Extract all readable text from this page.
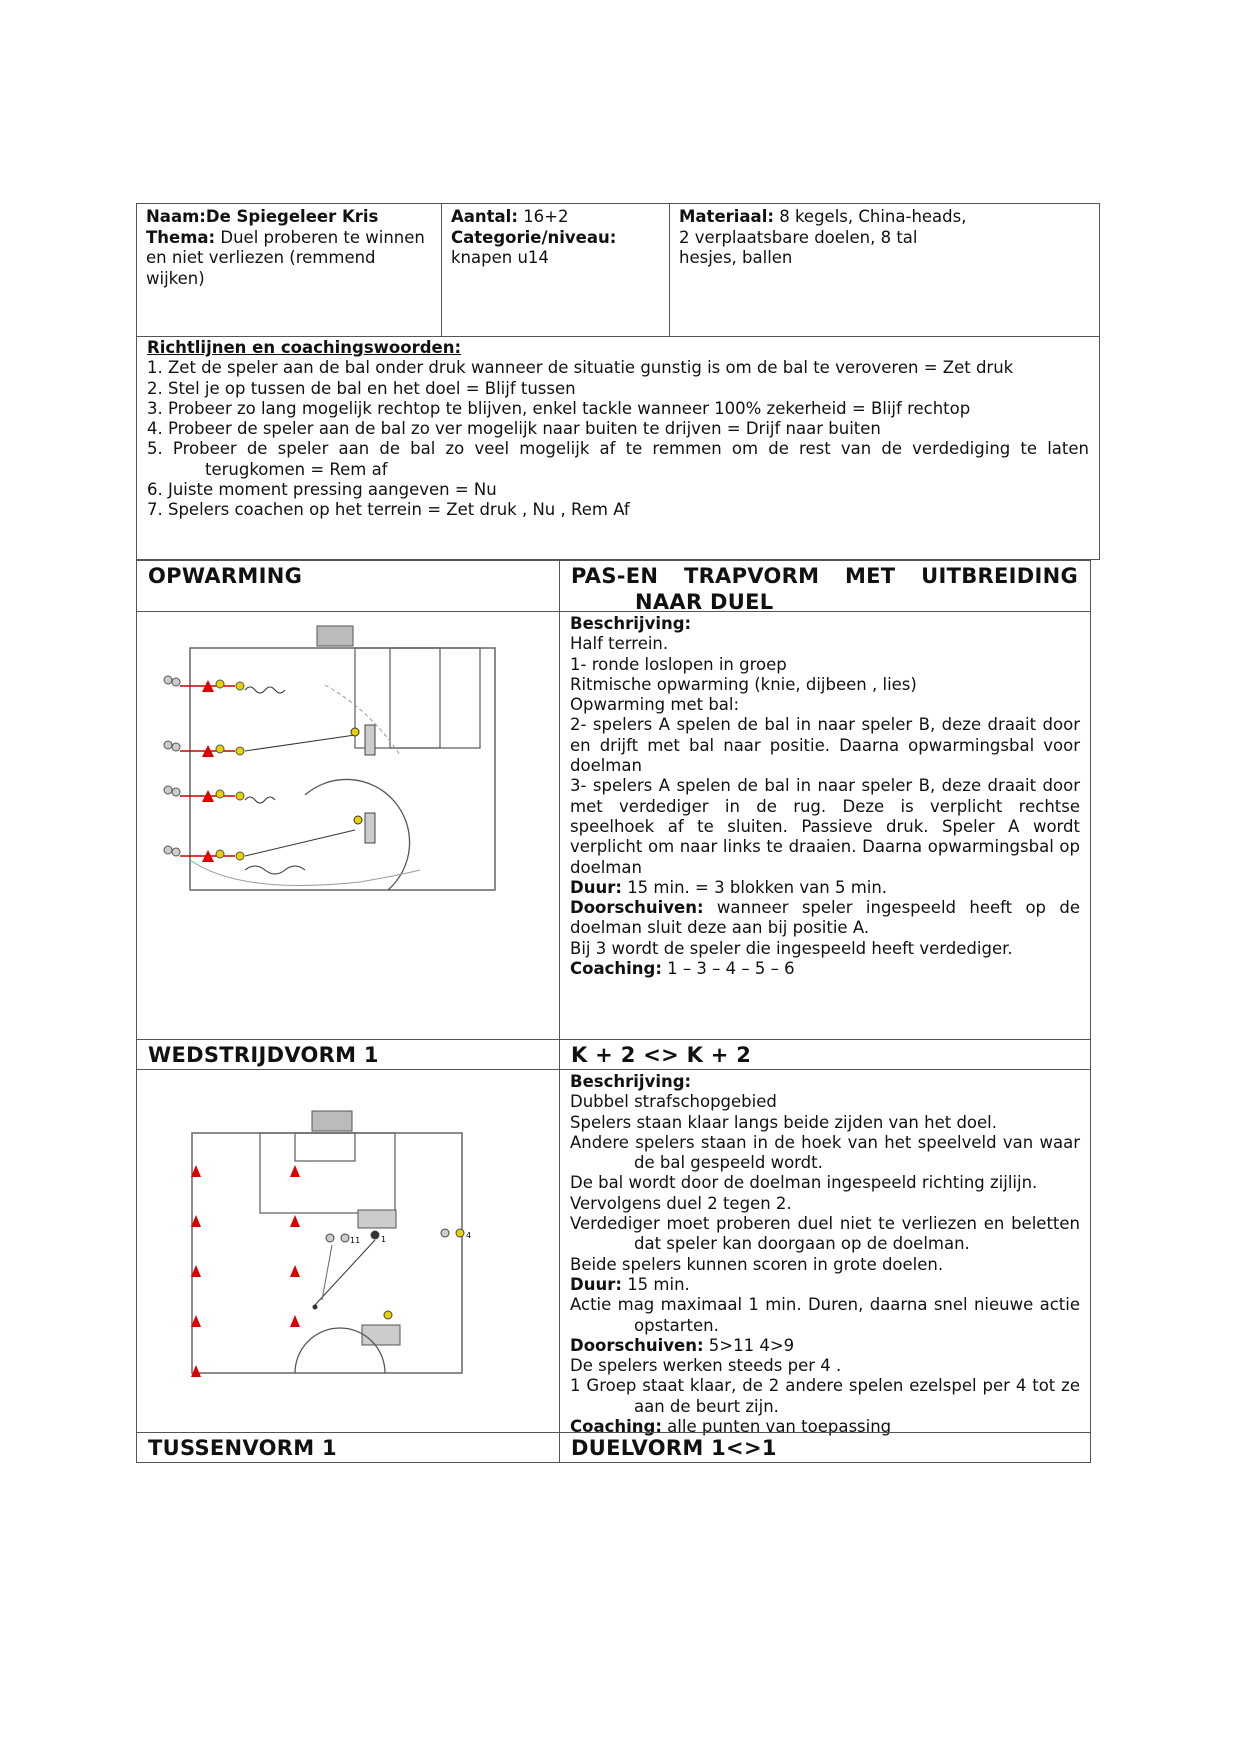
Naam:De Spiegeleer Kris
Thema: Duel proberen te winnen en niet verliezen (remmend wijken)
Aantal: 16+2
Categorie/niveau:
knapen u14
Materiaal: 8 kegels, China-heads, 2 verplaatsbare doelen, 8 tal hesjes, ballen

Richtlijnen en coachingswoorden:

1. Zet de speler aan de bal onder druk wanneer de situatie gunstig is om de bal te veroveren = Zet druk

2. Stel je op tussen de bal en het doel = Blijf tussen

3. Probeer zo lang mogelijk rechtop te blijven, enkel tackle wanneer 100% zekerheid = Blijf rechtop

4. Probeer de speler aan de bal zo ver mogelijk naar buiten te drijven = Drijf naar buiten

5. Probeer de speler aan de bal zo veel mogelijk af te remmen om de rest van de verdediging te laten terugkomen = Rem af

6. Juiste moment pressing aangeven = Nu

7. Spelers coachen op het terrein = Zet druk , Nu , Rem Af

OPWARMING	PAS-EN TRAPVORM MET UITBREIDING NAAR DUEL

Beschrijving:

Half terrein.

1- ronde loslopen in groep

Ritmische opwarming (knie, dijbeen , lies)

Opwarming met bal:

2- spelers A spelen de bal in naar speler B, deze draait door en drijft met bal naar positie. Daarna opwarmingsbal voor doelman

3- spelers A spelen de bal in naar speler B, deze draait door met verdediger in de rug. Deze is verplicht rechtse speelhoek af te sluiten. Passieve druk. Speler A wordt verplicht om naar links te draaien. Daarna opwarmingsbal op doelman

Duur: 15 min. = 3 blokken van 5 min.

Doorschuiven: wanneer speler ingespeeld heeft op de doelman sluit deze aan bij positie A.

Bij 3 wordt de speler die ingespeeld heeft verdediger.

Coaching: 1 – 3 – 4 – 5 – 6

WEDSTRIJDVORM 1	K + 2 <> K + 2
11	1	4

Beschrijving:

Dubbel strafschopgebied

Spelers staan klaar langs beide zijden van het doel.

Andere spelers staan in de hoek van het speelveld van waar de bal gespeeld wordt.

De bal wordt door de doelman ingespeeld richting zijlijn.

Vervolgens duel 2 tegen 2.

Verdediger moet proberen duel niet te verliezen en beletten dat speler kan doorgaan op de doelman.

Beide spelers kunnen scoren in grote doelen.

Duur: 15 min.

Actie mag maximaal 1 min. Duren, daarna snel nieuwe actie opstarten.

Doorschuiven: 5>11 4>9

De spelers werken steeds per 4 .

1 Groep staat klaar, de 2 andere spelen ezelspel per 4 tot ze aan de beurt zijn.

Coaching: alle punten van toepassing

TUSSENVORM 1	DUELVORM 1<>1
